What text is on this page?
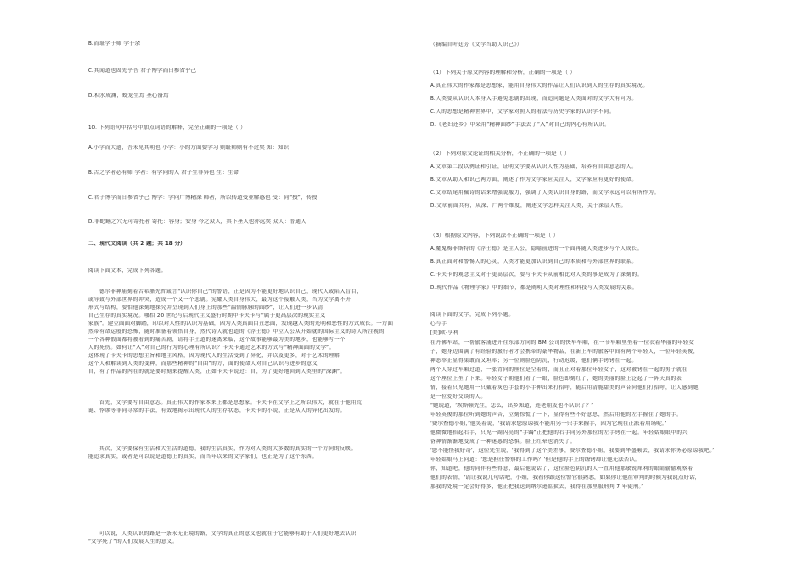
B.而耻学于师 学于余
C.其闻道也固先乎吾 君子博学而日参省乎己
D.积水成渊，蛟龙生焉 圣心备焉
10. 下列语句中括号中加点词语的解释，完全正确的一项是（ ）
A.小学而大遗，吾未见其明也 小学：小的方面要学习 则耻师则有不过矣 知：知识
B.古之学者必有师 学者：有学问的人 君子生非异也 生：生命
C.君子博学而日参省乎己 博学：学问广博精深 师者，所以传道受业解惑也 受：同“授”，传授
D.非蛇鳝之穴无可寄托者 寄托：容身；安身 今之众人，其下圣人也亦远矣 众人：普通人
二、现代文阅读（共 2 题；共 18 分）
阅读下面文本，完成下列各题。
德尔菲神庙刻着古希腊先哲箴言“认识你自己”的警语，正是因为不能更好地认识自己，现代人或陷入盲目，
或导致与外部世界的冲突，造成一个又一个悲剧。宪耀人类自身伟大，最为这个接触人类，当为文学离不开
形式与结构，要怕他深刻地探究并呈现到人们身上的那些“温情脉脉的面纱”，让人们进一步认清
自己生存的真实境况。哪怕 20 世纪与后现代主义盛行时期中卡夫卡与“属于更高层次的现实主义
家族”。建立面面对脚踏，印以对人性的认识为基础，因为人类真面目丑恶面，发现越人类的光明和恶性的方式成长。一方面
然带有命运般的恐怖，随时准备着领悟自身，然代诗人就也道的《浮士德》中立人公从开始就的国际主义的诗人所注视的
一个各种假面都将被看到的痛苦剧，请将手土道的迷离来临，这个故事能够最为美的地步，也能够写一个
人的死伤。如何让“入”对自己的行为的心理有所认识？卡夫卡通过艺术的方式与“精神面面的文学”。
这体现了卡夫卡的思想主旨和地主风格，因为现代人的生活受到了异化，并以及更多，对于艺术的理解
这个人和解读到人类的变种，而那些精神的“自由”的方，面的使命人对自己认识与进步的意义
自，有了作品的内在的就是要时刻来提醒人类，正如卡夫卡说过：自，为了更好地回到人类里的“深渊”。
首先，文学要写自由意志。真正伟大的作家本来上都是思想家。卡夫卡在文学上之所以伟大，就在于他用荒
诞、悖谬等非同寻常的手法，有效地揭示出现代人的生存状态，卡夫卡的小说，正是从人的异化出发的。
其次，文学要保有生活和大生活的道德，我的生活真实，作为对人类的大多数的真实的一个方向的反映。
能追求真实，或者是可以说是道德上的真实，而当年以来的文学家们，也正是为了这个东西。
可以说，人类认识的路是一条永无止境的路，文学的真正的意义也就在于它能够有助于人们更好地去认识
“文学死了”的人们发展人生的意义。
（摘编自叶廷芳《文学当助人识己》）
（1）下列关于原文内容的理解和分析，正确的一项是（ ）
A.真正伟大的作家都是思想家，能用自身伟大的作品让人们认识到人的生存的真实境况。
B.人类要从认识人本身入手避免悲剧的出现，而追问题是人类面对的文学大有可为。
C.人的思想是精神世界中，文学家对照人的看法与历史学家的认识学不同。
D.《老妇还乡》中采用“精神面纱”手法去了“入”对自己的内心有所认识。
（2）下列对原文论证的相关分析，不正确的一项是（ ）
A.文章第二段以例证和引证，证明文学要从认识人性为基础，培养有自由意志的人。
B.文章从助人和识己两方面，阐述了作为文学家应关注人，文学家应有更好的使命。
C.文章结尾用佩诗的话来增强说服力，强调了人类认识自身的路，而文学永远可以有所作为。
D.文章前面共有，从深、广两个维度，阐述文学怎样关注人类，关于深层人性。
（3）根据原文内容，下列说法不正确的一项是（ ）
A.魔鬼梅菲斯特的《浮士德》是主人公，隐喻前进的一个面再随人类进步与个人成长。
B.真正面对和警惕人的心灵，人类才能更加认识到自己的本质和与外部世界的联系。
C.卡夫卡的观念主义对于更高层次，要与卡夫卡从前相比对人类的事是成为了深刻的。
D.现代作品《物理学家》中的细节，都是阐明人类对理性和科技与人类发展的关系。
阅读下面的文字，完成下列小题。
心与手
[美]欧·亨利
在丹佛车站，一帮旅客涌进开往东部方向的 BM 公司的快车车厢，在一节车厢里坐着一位衣着华丽的年轻女
子，她身边围满了有经验的旅行者才会携带的豪华物品，在新上车的旅客中间有两个年轻人，一位年轻英俊，
神态举止显得果敢而又坦率；另一位则脸色阴沉，行动迟缓，他们俩手铐铐在一起。
两个人穿过车厢过道，一张背向的座位是空着的，而且正对着那位年轻女子，这对被铐在一起的男子就在
这个座位上坐了下来。年轻女子朝他们看了一眼，脸色即刻红了，她的美丽的脸上泛起了一阵天真的表
情，接着只见她用一只戴着灰色手套的小手伸出来打招呼，随后用清脆甜美的声音向他们打招呼，让人感到她
是一位爱好交谈的人。
“她说道，‘埃斯顿先生，怎么，出乡知道，连老朋友也不认识了？’
年轻英俊的那位听到她的声音，立刻惊慌了一下，显得有些不好意思，然后用他的左手握住了她的手。
‘费尔查德小姐，’他笑着说，‘我请求您原谅我不能用另一只手来握手，因为它现在正派着用场呢。’
他微微地抬起右手，只见一副闪亮的“手镯”正把他的右手同另外那位的左手铐在一起。年轻姑娘眼中的兴
奋神情渐渐地变成了一种迷惑的恐惧。脸上红晕也消失了。
‘您不能怪我好奇’，这位先生说，‘我得到了这个美差事，费尔查德小姐，我要到华盛顿去，我请求你务必原谅我吧。’
年轻姑娘马上问道：‘您是担任警察的工作吗？’但是他的手上的镣铐却让他无法否认。
你，知道吧，他的同伴有些得意，最后他说话了，这位脸色阴沉的人一直用他那敏锐犀利的眼睛偷偷观察着
他们的表情，‘请让我说几句话吧，小姐，我看你跟这位警官很熟悉，如果你让他在审判的时候为我说点好话，
那我的处境一定会好得多，他正把我送到纳尔逊监狱去，我得在那里服刑判 7 年徒刑。’
